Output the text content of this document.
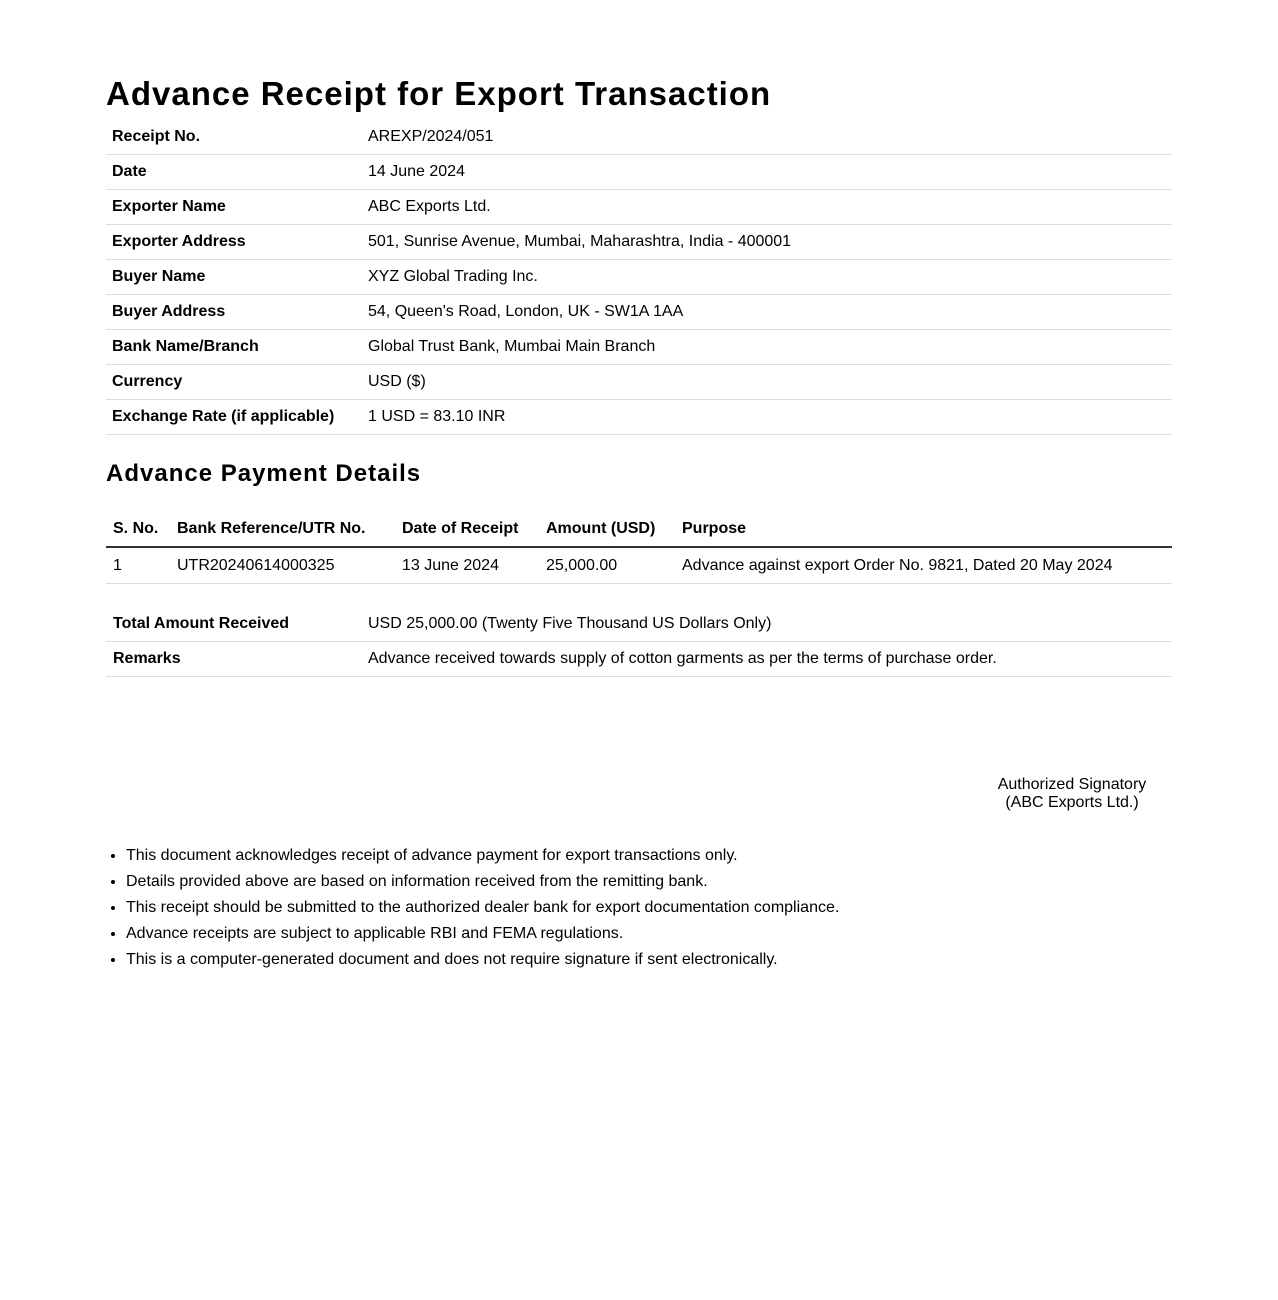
Advance Receipt for Export Transaction
Receipt No.	AREXP/2024/051
Date	14 June 2024
Exporter Name	ABC Exports Ltd.
Exporter Address	501, Sunrise Avenue, Mumbai, Maharashtra, India - 400001
Buyer Name	XYZ Global Trading Inc.
Buyer Address	54, Queen's Road, London, UK - SW1A 1AA
Bank Name/Branch	Global Trust Bank, Mumbai Main Branch
Currency	USD ($)
Exchange Rate (if applicable)	1 USD = 83.10 INR
Advance Payment Details
S. No.	Bank Reference/UTR No.	Date of Receipt	Amount (USD)	Purpose
1	UTR20240614000325	13 June 2024	25,000.00	Advance against export Order No. 9821, Dated 20 May 2024
Total Amount Received	USD 25,000.00 (Twenty Five Thousand US Dollars Only)
Remarks	Advance received towards supply of cotton garments as per the terms of purchase order.
Authorized Signatory
(ABC Exports Ltd.)
• This document acknowledges receipt of advance payment for export transactions only.
• Details provided above are based on information received from the remitting bank.
• This receipt should be submitted to the authorized dealer bank for export documentation compliance.
• Advance receipts are subject to applicable RBI and FEMA regulations.
• This is a computer-generated document and does not require signature if sent electronically.
